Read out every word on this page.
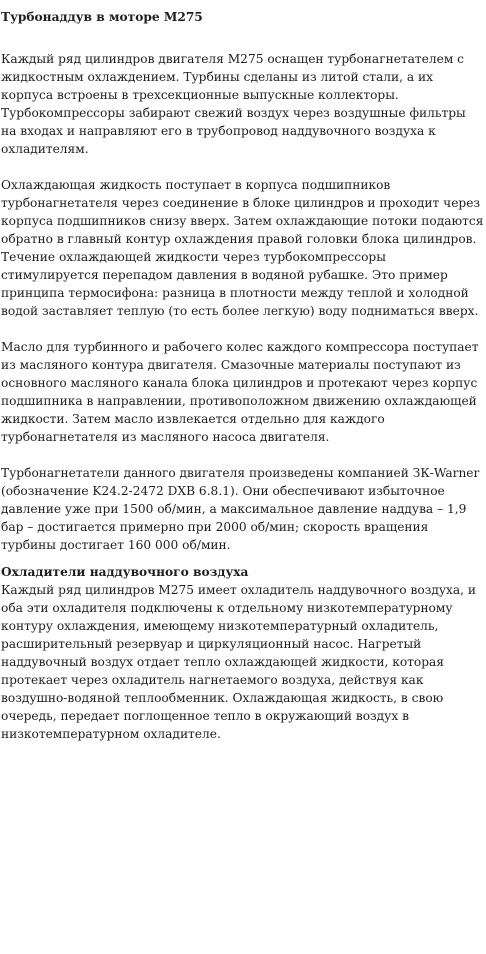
Турбонаддув в моторе M275

Каждый ряд цилиндров двигателя M275 оснащен турбонагнетателем с жидкостным охлаждением. Турбины сделаны из литой стали, а их корпуса встроены в трехсекционные выпускные коллекторы. Турбокомпрессоры забирают свежий воздух через воздушные фильтры на входах и направляют его в трубопровод наддувочного воздуха к охладителям.

Охлаждающая жидкость поступает в корпуса подшипников турбонагнетателя через соединение в блоке цилиндров и проходит через корпуса подшипников снизу вверх. Затем охлаждающие потоки подаются обратно в главный контур охлаждения правой головки блока цилиндров. Течение охлаждающей жидкости через турбокомпрессоры стимулируется перепадом давления в водяной рубашке. Это пример принципа термосифона: разница в плотности между теплой и холодной водой заставляет теплую (то есть более легкую) воду подниматься вверх.

Масло для турбинного и рабочего колес каждого компрессора поступает из масляного контура двигателя. Смазочные материалы поступают из основного масляного канала блока цилиндров и протекают через корпус подшипника в направлении, противоположном движению охлаждающей жидкости. Затем масло извлекается отдельно для каждого турбонагнетателя из масляного насоса двигателя.

Турбонагнетатели данного двигателя произведены компанией ЗК-Warner (обозначение K24.2-2472 DXB 6.8.1). Они обеспечивают избыточное давление уже при 1500 об/мин, а максимальное давление наддува – 1,9 бар – достигается примерно при 2000 об/мин; скорость вращения турбины достигает 160 000 об/мин.

Охладители наддувочного воздуха

Каждый ряд цилиндров M275 имеет охладитель наддувочного воздуха, и оба эти охладителя подключены к отдельному низкотемпературному контуру охлаждения, имеющему низкотемпературный охладитель, расширительный резервуар и циркуляционный насос. Нагретый наддувочный воздух отдает тепло охлаждающей жидкости, которая протекает через охладитель нагнетаемого воздуха, действуя как воздушно-водяной теплообменник. Охлаждающая жидкость, в свою очередь, передает поглощенное тепло в окружающий воздух в низкотемпературном охладителе.
